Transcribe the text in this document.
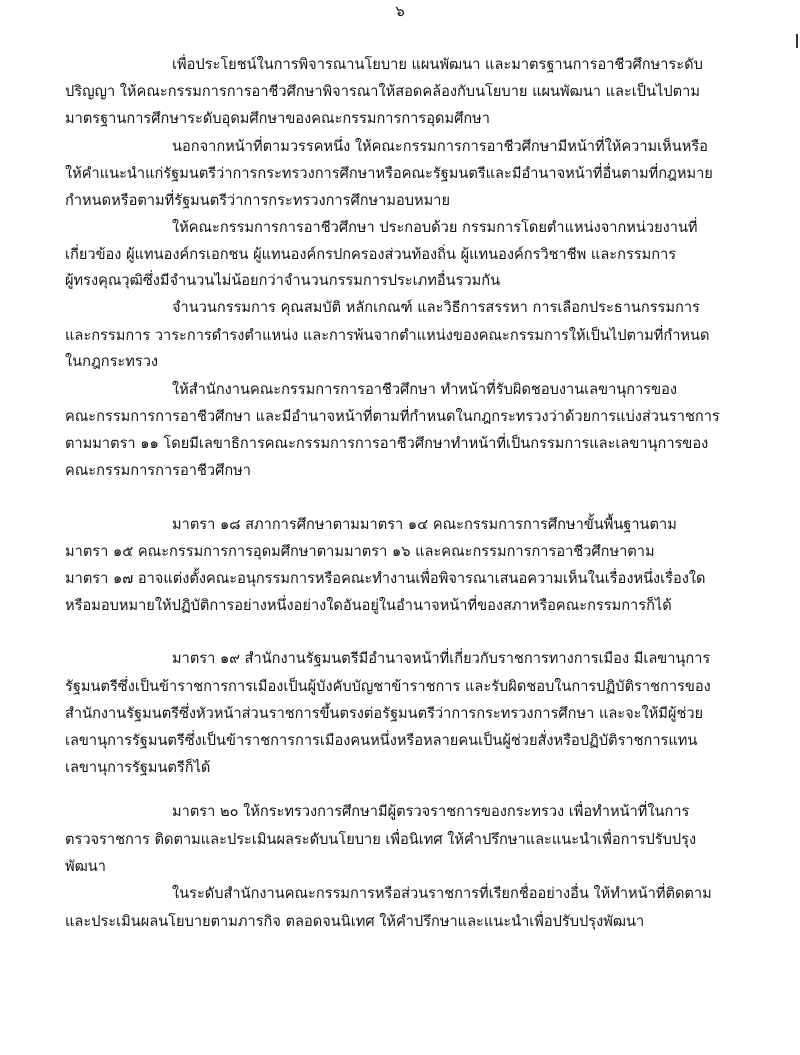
๖
เพื่อประโยชน์ในการพิจารณานโยบาย แผนพัฒนา และมาตรฐานการอาชีวศึกษาระดับ
ปริญญา ให้คณะกรรมการการอาชีวศึกษาพิจารณาให้สอดคล้องกับนโยบาย แผนพัฒนา และเป็นไปตาม
มาตรฐานการศึกษาระดับอุดมศึกษาของคณะกรรมการการอุดมศึกษา
นอกจากหน้าที่ตามวรรคหนึ่ง ให้คณะกรรมการการอาชีวศึกษามีหน้าที่ให้ความเห็นหรือ
ให้คำแนะนำแก่รัฐมนตรีว่าการกระทรวงการศึกษาหรือคณะรัฐมนตรีและมีอำนาจหน้าที่อื่นตามที่กฎหมาย
กำหนดหรือตามที่รัฐมนตรีว่าการกระทรวงการศึกษามอบหมาย
ให้คณะกรรมการการอาชีวศึกษา ประกอบด้วย กรรมการโดยตำแหน่งจากหน่วยงานที่
เกี่ยวข้อง ผู้แทนองค์กรเอกชน ผู้แทนองค์กรปกครองส่วนท้องถิ่น ผู้แทนองค์กรวิชาชีพ และกรรมการ
ผู้ทรงคุณวุฒิซึ่งมีจำนวนไม่น้อยกว่าจำนวนกรรมการประเภทอื่นรวมกัน
จำนวนกรรมการ คุณสมบัติ หลักเกณฑ์ และวิธีการสรรหา การเลือกประธานกรรมการ
และกรรมการ วาระการดำรงตำแหน่ง และการพ้นจากตำแหน่งของคณะกรรมการให้เป็นไปตามที่กำหนด
ในกฎกระทรวง
ให้สำนักงานคณะกรรมการการอาชีวศึกษา ทำหน้าที่รับผิดชอบงานเลขานุการของ
คณะกรรมการการอาชีวศึกษา และมีอำนาจหน้าที่ตามที่กำหนดในกฎกระทรวงว่าด้วยการแบ่งส่วนราชการ
ตามมาตรา ๑๑ โดยมีเลขาธิการคณะกรรมการการอาชีวศึกษาทำหน้าที่เป็นกรรมการและเลขานุการของ
คณะกรรมการการอาชีวศึกษา
มาตรา ๑๘ สภาการศึกษาตามมาตรา ๑๔ คณะกรรมการการศึกษาขั้นพื้นฐานตาม
มาตรา ๑๕ คณะกรรมการการอุดมศึกษาตามมาตรา ๑๖ และคณะกรรมการการอาชีวศึกษาตาม
มาตรา ๑๗ อาจแต่งตั้งคณะอนุกรรมการหรือคณะทำงานเพื่อพิจารณาเสนอความเห็นในเรื่องหนึ่งเรื่องใด
หรือมอบหมายให้ปฏิบัติการอย่างหนึ่งอย่างใดอันอยู่ในอำนาจหน้าที่ของสภาหรือคณะกรรมการก็ได้
มาตรา ๑๙ สำนักงานรัฐมนตรีมีอำนาจหน้าที่เกี่ยวกับราชการทางการเมือง มีเลขานุการ
รัฐมนตรีซึ่งเป็นข้าราชการการเมืองเป็นผู้บังคับบัญชาข้าราชการ และรับผิดชอบในการปฏิบัติราชการของ
สำนักงานรัฐมนตรีซึ่งหัวหน้าส่วนราชการขึ้นตรงต่อรัฐมนตรีว่าการกระทรวงการศึกษา และจะให้มีผู้ช่วย
เลขานุการรัฐมนตรีซึ่งเป็นข้าราชการการเมืองคนหนึ่งหรือหลายคนเป็นผู้ช่วยสั่งหรือปฏิบัติราชการแทน
เลขานุการรัฐมนตรีก็ได้
มาตรา ๒๐ ให้กระทรวงการศึกษามีผู้ตรวจราชการของกระทรวง เพื่อทำหน้าที่ในการ
ตรวจราชการ ติดตามและประเมินผลระดับนโยบาย เพื่อนิเทศ ให้คำปรึกษาและแนะนำเพื่อการปรับปรุง
พัฒนา
ในระดับสำนักงานคณะกรรมการหรือส่วนราชการที่เรียกชื่ออย่างอื่น ให้ทำหน้าที่ติดตาม
และประเมินผลนโยบายตามภารกิจ ตลอดจนนิเทศ ให้คำปรึกษาและแนะนำเพื่อปรับปรุงพัฒนา
